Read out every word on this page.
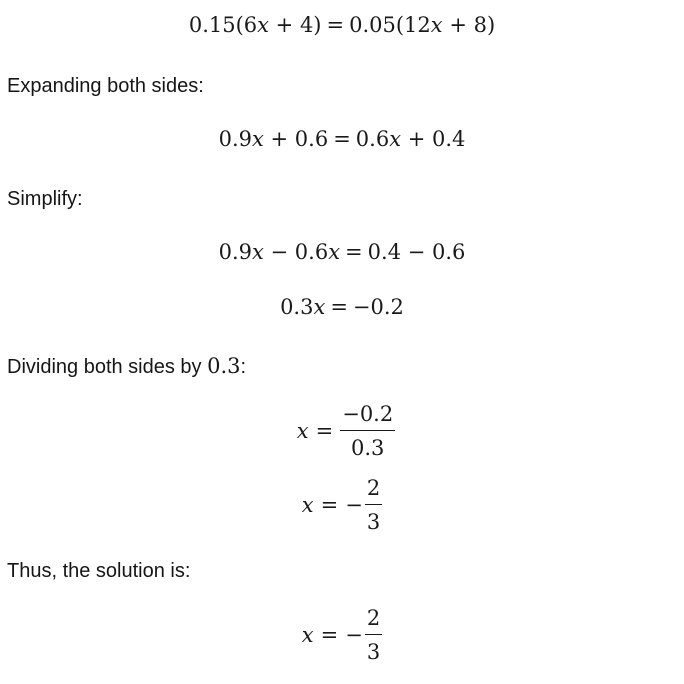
0.15(6x + 4) = 0.05(12x + 8)
Expanding both sides:
0.9x + 0.6 = 0.6x + 0.4
Simplify:
0.9x − 0.6x = 0.4 − 0.6
0.3x = −0.2
Dividing both sides by 0.3:
$x = \frac{-0.2}{0.3}$
x = − $\frac{2}{3}$
Thus, the solution is:
x = − $\frac{2}{3}$
